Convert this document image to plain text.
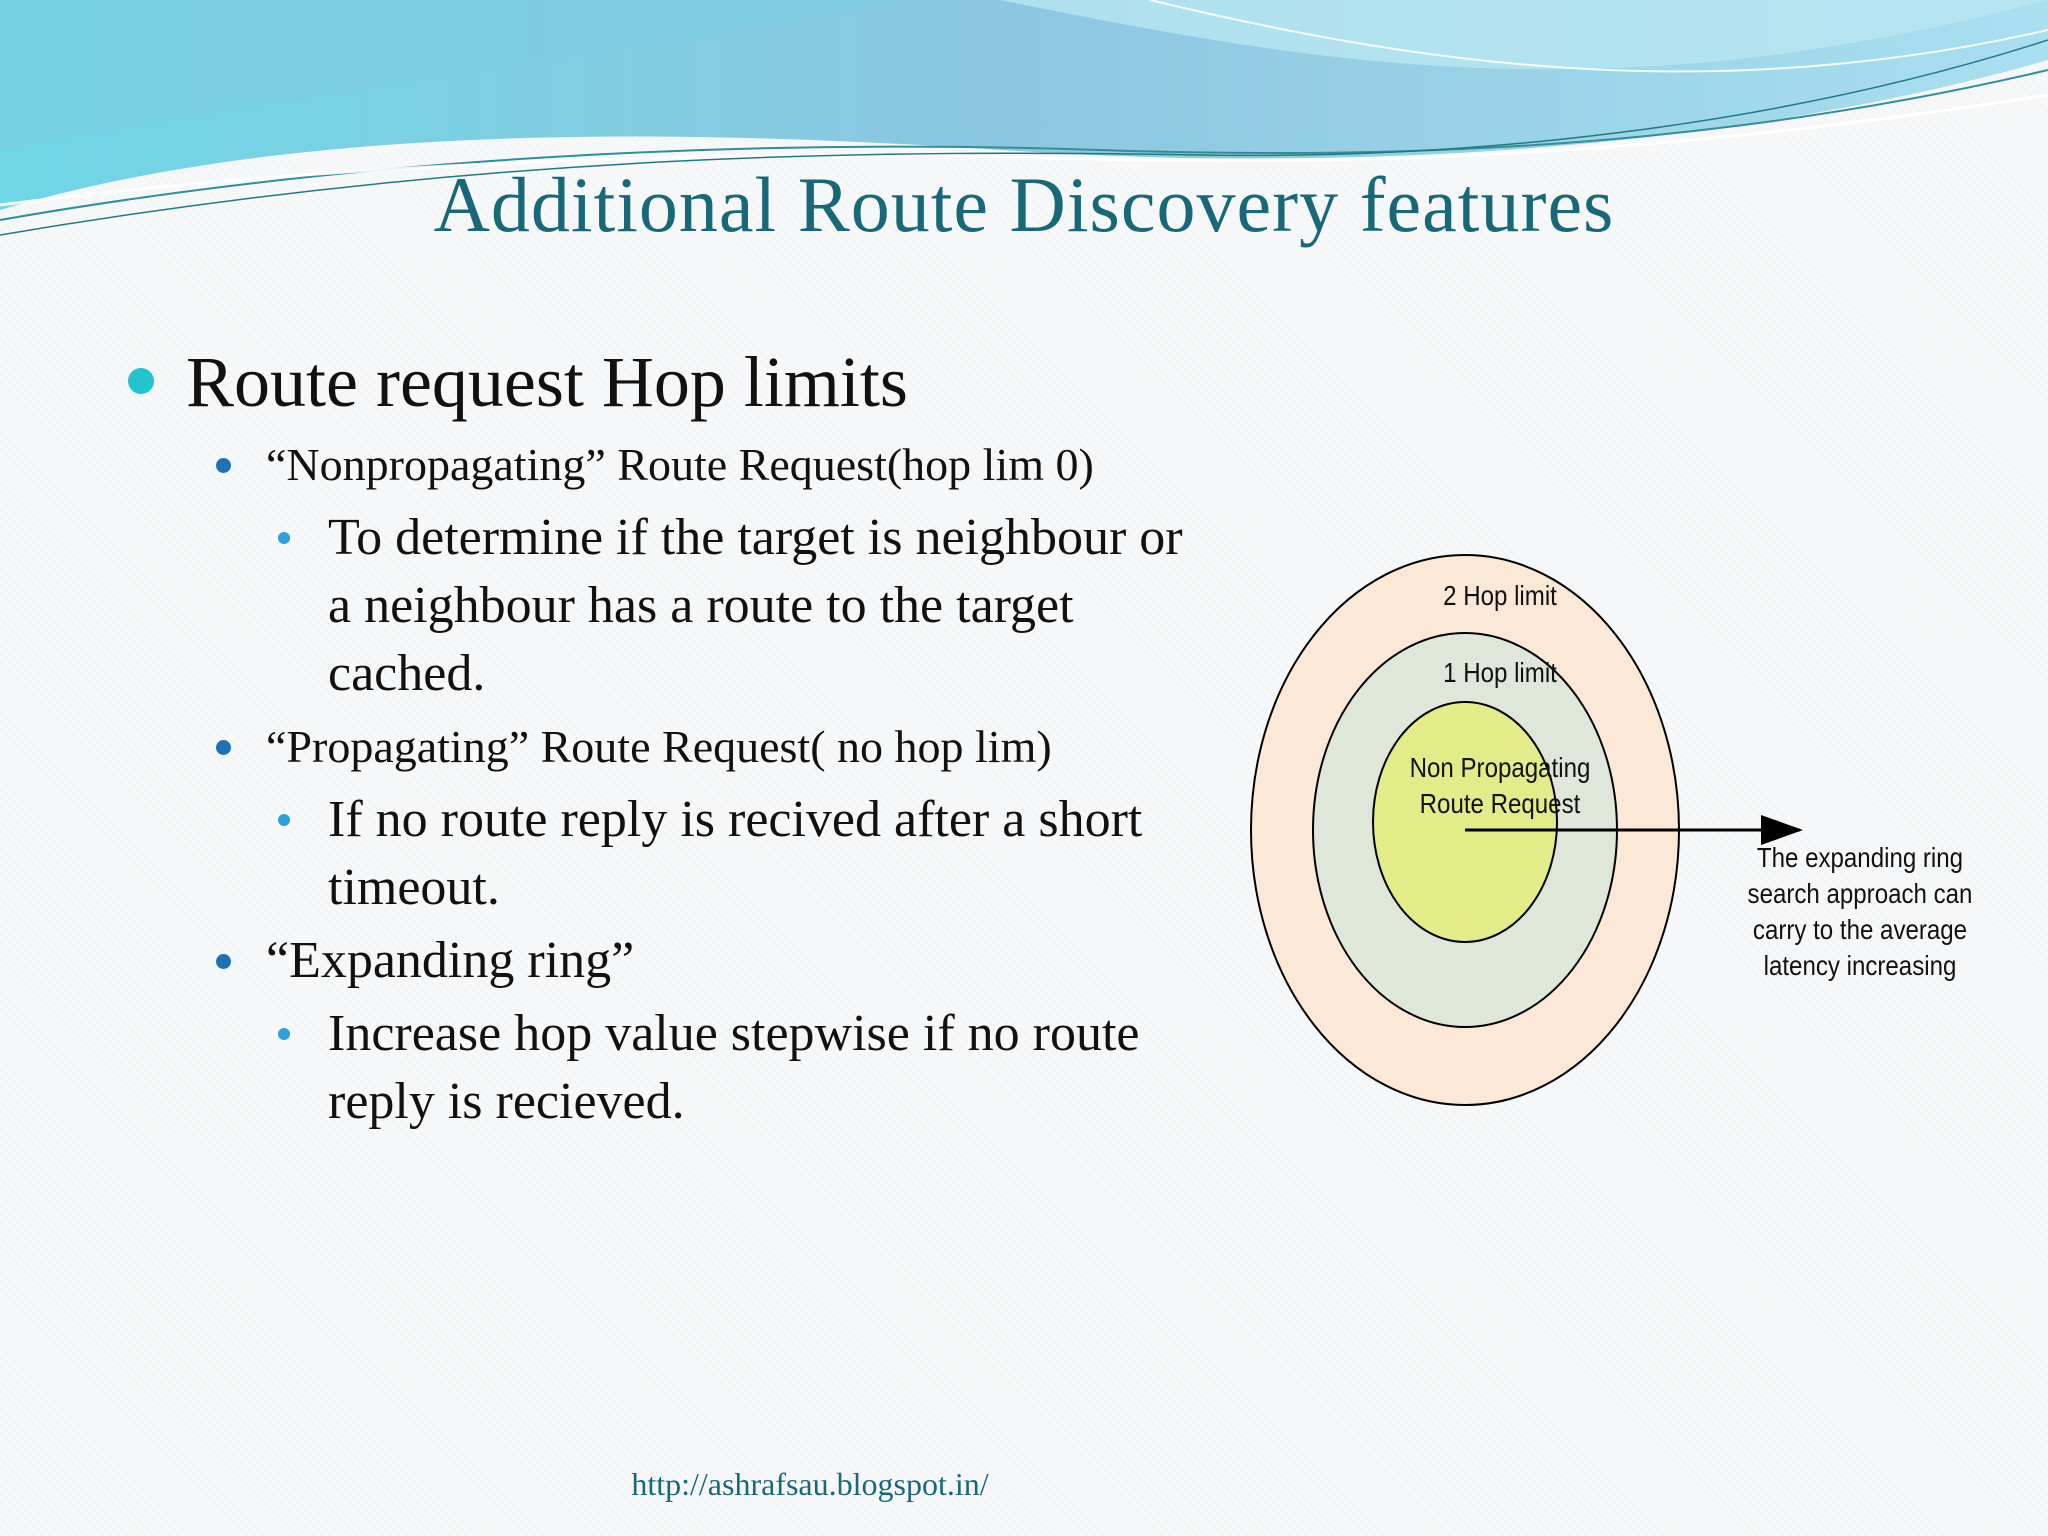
Additional Route Discovery features
Route request Hop limits
“Nonpropagating” Route Request(hop lim 0)
To determine if the target is neighbour or a neighbour has a route to the target cached.
“Propagating” Route Request( no hop lim)
If no route reply is recived after a short timeout.
“Expanding ring”
Increase hop value stepwise if no route reply is recieved.
2 Hop limit
1 Hop limit
Non Propagating Route Request
The expanding ring search approach can carry to the average latency increasing
http://ashrafsau.blogspot.in/
